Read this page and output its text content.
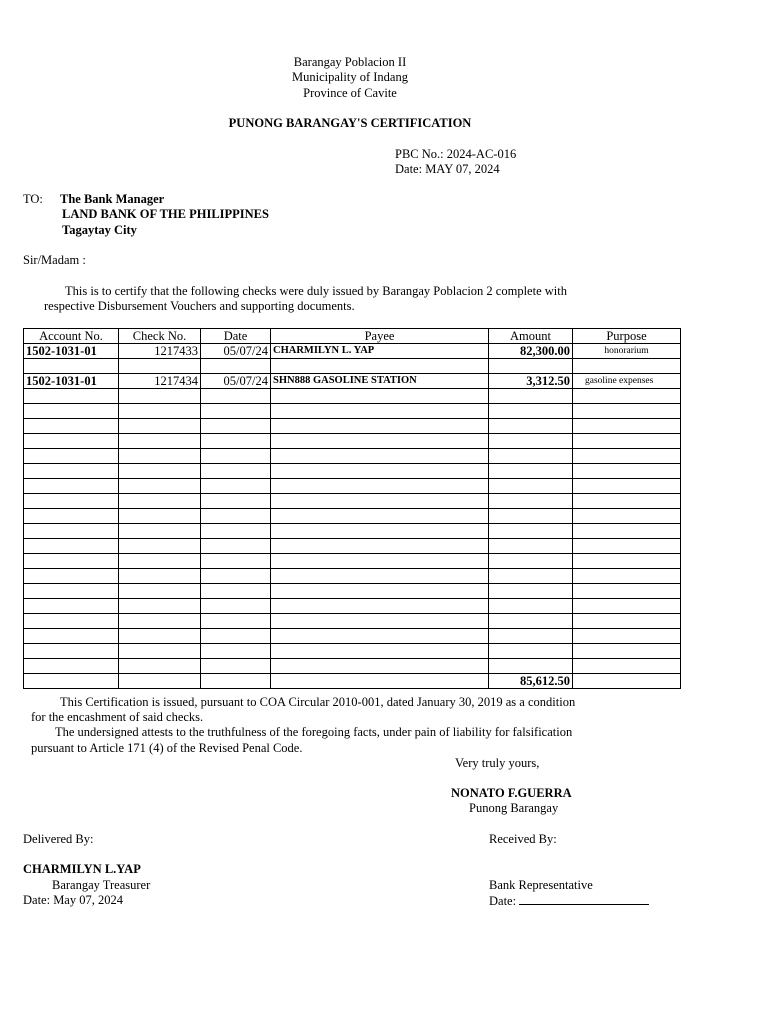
Barangay Poblacion II
Municipality of Indang
Province of Cavite
PUNONG BARANGAY'S CERTIFICATION
PBC No.: 2024-AC-016
Date: MAY 07, 2024
TO: The Bank Manager
LAND BANK OF THE PHILIPPINES
Tagaytay City
Sir/Madam :
This is to certify that the following checks were duly issued by Barangay Poblacion 2 complete with
respective Disbursement Vouchers and supporting documents.
Account No.	Check No.	Date	Payee	Amount	Purpose
1502-1031-01	1217433	05/07/24	CHARMILYN L. YAP	82,300.00	honorarium

1502-1031-01	1217434	05/07/24	SHN888 GASOLINE STATION	3,312.50	gasoline expenses

				85,612.50	
This Certification is issued, pursuant to COA Circular 2010-001, dated January 30, 2019 as a condition
for the encashment of said checks.
The undersigned attests to the truthfulness of the foregoing facts, under pain of liability for falsification
pursuant to Article 171 (4) of the Revised Penal Code.
Very truly yours,
NONATO F.GUERRA
Punong Barangay
Delivered By:	Received By:
CHARMILYN L.YAP
Barangay Treasurer	Bank Representative
Date: May 07, 2024	Date:
